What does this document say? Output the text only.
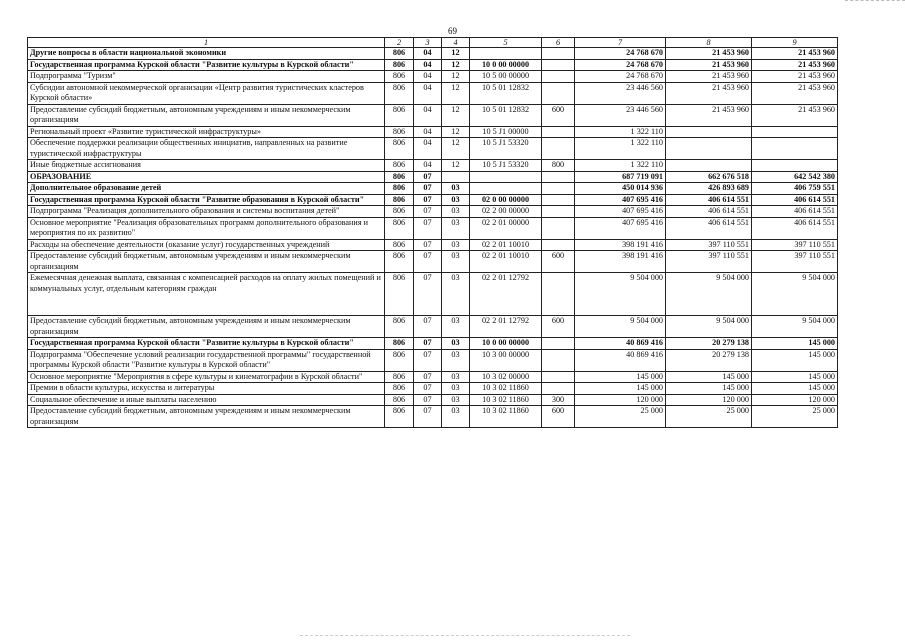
69
1	2	3	4	5	6	7	8	9
Другие вопросы в области национальной экономики	806	04	12			24 768 670	21 453 960	21 453 960
Государственная программа Курской области "Развитие культуры в Курской области"	806	04	12	10 0 00 00000		24 768 670	21 453 960	21 453 960
Подпрограмма "Туризм"	806	04	12	10 5 00 00000		24 768 670	21 453 960	21 453 960
Субсидии автономной некоммерческой организации «Центр развития туристических кластеров Курской области»	806	04	12	10 5 01 12832		23 446 560	21 453 960	21 453 960
Предоставление субсидий бюджетным, автономным учреждениям и иным некоммерческим организациям	806	04	12	10 5 01 12832	600	23 446 560	21 453 960	21 453 960
Региональный проект «Развитие туристической инфраструктуры»	806	04	12	10 5 J1 00000		1 322 110		
Обеспечение поддержки реализации общественных инициатив, направленных на развитие туристической инфраструктуры	806	04	12	10 5 J1 53320		1 322 110		
Иные бюджетные ассигнования	806	04	12	10 5 J1 53320	800	1 322 110		
ОБРАЗОВАНИЕ	806	07				687 719 091	662 676 518	642 542 380
Дополнительное образование детей	806	07	03			450 014 936	426 893 689	406 759 551
Государственная программа Курской области "Развитие образования в Курской области"	806	07	03	02 0 00 00000		407 695 416	406 614 551	406 614 551
Подпрограмма "Реализация дополнительного образования и системы воспитания детей"	806	07	03	02 2 00 00000		407 695 416	406 614 551	406 614 551
Основное мероприятие "Реализация образовательных программ дополнительного образования и мероприятия по их развитию"	806	07	03	02 2 01 00000		407 695 416	406 614 551	406 614 551
Расходы на обеспечение деятельности (оказание услуг) государственных учреждений	806	07	03	02 2 01 10010		398 191 416	397 110 551	397 110 551
Предоставление субсидий бюджетным, автономным учреждениям и иным некоммерческим организациям	806	07	03	02 2 01 10010	600	398 191 416	397 110 551	397 110 551
Ежемесячная денежная выплата, связанная с компенсацией расходов на оплату жилых помещений и коммунальных услуг, отдельным категориям граждан	806	07	03	02 2 01 12792		9 504 000	9 504 000	9 504 000
Предоставление субсидий бюджетным, автономным учреждениям и иным некоммерческим организациям	806	07	03	02 2 01 12792	600	9 504 000	9 504 000	9 504 000
Государственная программа Курской области "Развитие культуры в Курской области"	806	07	03	10 0 00 00000		40 869 416	20 279 138	145 000
Подпрограмма "Обеспечение условий реализации государственной программы" государственной программы Курской области "Развитие культуры в Курской области"	806	07	03	10 3 00 00000		40 869 416	20 279 138	145 000
Основное мероприятие "Мероприятия в сфере культуры и кинематографии в Курской области"	806	07	03	10 3 02 00000		145 000	145 000	145 000
Премии в области культуры, искусства и литературы	806	07	03	10 3 02 11860		145 000	145 000	145 000
Социальное обеспечение и иные выплаты населению	806	07	03	10 3 02 11860	300	120 000	120 000	120 000
Предоставление субсидий бюджетным, автономным учреждениям и иным некоммерческим организациям	806	07	03	10 3 02 11860	600	25 000	25 000	25 000
